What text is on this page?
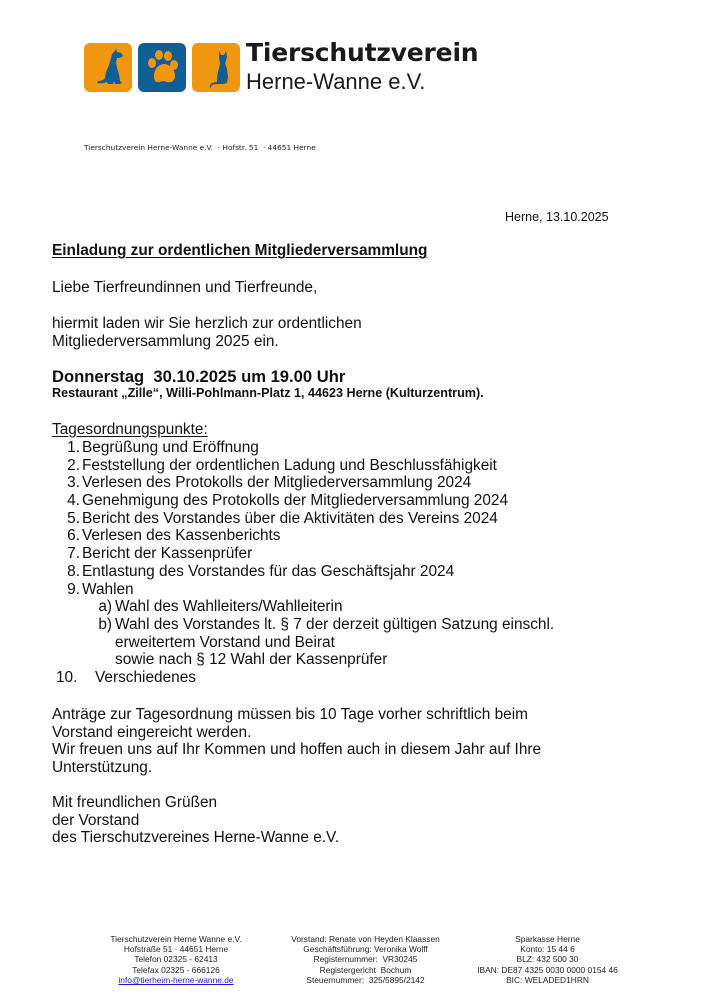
Tierschutzverein
Herne-Wanne e.V.
Tierschutzverein Herne-Wanne e.V.  · Hofstr. 51  · 44651 Herne
Herne, 13.10.2025
Einladung zur ordentlichen Mitgliederversammlung
Liebe Tierfreundinnen und Tierfreunde,
hiermit laden wir Sie herzlich zur ordentlichen
Mitgliederversammlung 2025 ein.
Donnerstag  30.10.2025 um 19.00 Uhr
Restaurant „Zille“, Willi-Pohlmann-Platz 1, 44623 Herne (Kulturzentrum).
Tagesordnungspunkte:
1. Begrüßung und Eröffnung
2. Feststellung der ordentlichen Ladung und Beschlussfähigkeit
3. Verlesen des Protokolls der Mitgliederversammlung 2024
4. Genehmigung des Protokolls der Mitgliederversammlung 2024
5. Bericht des Vorstandes über die Aktivitäten des Vereins 2024
6. Verlesen des Kassenberichts
7. Bericht der Kassenprüfer
8. Entlastung des Vorstandes für das Geschäftsjahr 2024
9. Wahlen
a) Wahl des Wahlleiters/Wahlleiterin
b) Wahl des Vorstandes lt. § 7 der derzeit gültigen Satzung einschl.
erweitertem Vorstand und Beirat
sowie nach § 12 Wahl der Kassenprüfer
10.	Verschiedenes
Anträge zur Tagesordnung müssen bis 10 Tage vorher schriftlich beim
Vorstand eingereicht werden.
Wir freuen uns auf Ihr Kommen und hoffen auch in diesem Jahr auf Ihre
Unterstützung.
Mit freundlichen Grüßen
der Vorstand
des Tierschutzvereines Herne-Wanne e.V.
Tierschutzverein Herne Wanne e.V.
Hofstraße 51 · 44651 Herne
Telefon 02325 - 62413
Telefax 02325 - 666126
info@tierheim-herne-wanne.de
Vorstand: Renate von Heyden Klaassen
Geschäftsführung: Veronika Wolff
Registernummer:  VR30245
Registergericht  Bochum
Steuernummer:  325/5895/2142
Sparkasse Herne
Konto: 15 44 6
BLZ: 432 500 30
IBAN: DE87 4325 0030 0000 0154 46
BIC: WELADED1HRN
